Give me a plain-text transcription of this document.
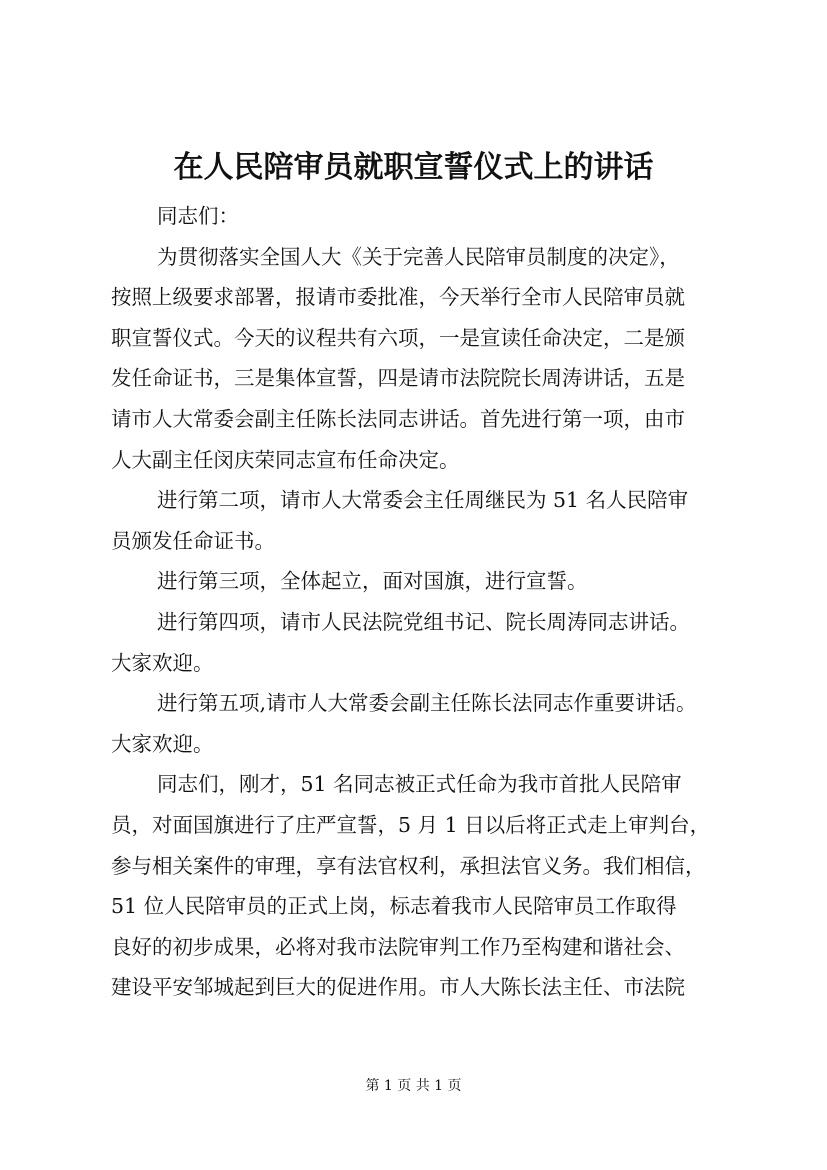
在人民陪审员就职宣誓仪式上的讲话
同志们：
为贯彻落实全国人大《关于完善人民陪审员制度的决定》，
按照上级要求部署，报请市委批准，今天举行全市人民陪审员就
职宣誓仪式。今天的议程共有六项，一是宣读任命决定，二是颁
发任命证书，三是集体宣誓，四是请市法院院长周涛讲话，五是
请市人大常委会副主任陈长法同志讲话。首先进行第一项，由市
人大副主任闵庆荣同志宣布任命决定。
进行第二项，请市人大常委会主任周继民为 51 名人民陪审
员颁发任命证书。
进行第三项，全体起立，面对国旗，进行宣誓。
进行第四项，请市人民法院党组书记、院长周涛同志讲话。
大家欢迎。
进行第五项,请市人大常委会副主任陈长法同志作重要讲话。
大家欢迎。
同志们，刚才，51 名同志被正式任命为我市首批人民陪审
员，对面国旗进行了庄严宣誓，5 月 1 日以后将正式走上审判台，
参与相关案件的审理，享有法官权利，承担法官义务。我们相信，
51 位人民陪审员的正式上岗，标志着我市人民陪审员工作取得
良好的初步成果，必将对我市法院审判工作乃至构建和谐社会、
建设平安邹城起到巨大的促进作用。市人大陈长法主任、市法院
第 1 页 共 1 页
